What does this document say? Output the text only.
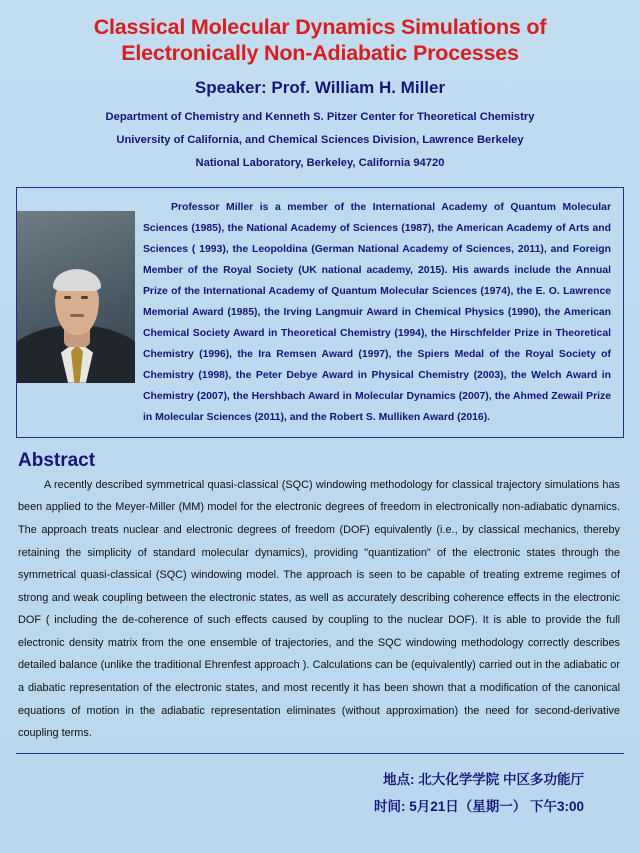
Classical Molecular Dynamics Simulations of
Electronically Non-Adiabatic Processes
Speaker: Prof. William H. Miller
Department of Chemistry and Kenneth S. Pitzer Center for Theoretical Chemistry
University of California, and Chemical Sciences Division, Lawrence Berkeley
National Laboratory, Berkeley, California 94720
Professor Miller is a member of the International Academy of Quantum Molecular Sciences (1985), the National Academy of Sciences (1987), the American Academy of Arts and Sciences ( 1993), the Leopoldina (German National Academy of Sciences, 2011), and Foreign Member of the Royal Society (UK national academy, 2015). His awards include the Annual Prize of the International Academy of Quantum Molecular Sciences (1974), the E. O. Lawrence Memorial Award (1985), the Irving Langmuir Award in Chemical Physics (1990), the American Chemical Society Award in Theoretical Chemistry (1994), the Hirschfelder Prize in Theoretical Chemistry (1996), the Ira Remsen Award (1997), the Spiers Medal of the Royal Society of Chemistry (1998), the Peter Debye Award in Physical Chemistry (2003), the Welch Award in Chemistry (2007), the Hershbach Award in Molecular Dynamics (2007), the Ahmed Zewail Prize in Molecular Sciences (2011), and the Robert S. Mulliken Award (2016).
Abstract
A recently described symmetrical quasi-classical (SQC) windowing methodology for classical trajectory simulations has been applied to the Meyer-Miller (MM) model for the electronic degrees of freedom in electronically non-adiabatic dynamics. The approach treats nuclear and electronic degrees of freedom (DOF) equivalently (i.e., by classical mechanics, thereby retaining the simplicity of standard molecular dynamics), providing "quantization" of the electronic states through the symmetrical quasi-classical (SQC) windowing model. The approach is seen to be capable of treating extreme regimes of strong and weak coupling between the electronic states, as well as accurately describing coherence effects in the electronic DOF ( including the de-coherence of such effects caused by coupling to the nuclear DOF). It is able to provide the full electronic density matrix from the one ensemble of trajectories, and the SQC windowing methodology correctly describes detailed balance (unlike the traditional Ehrenfest approach ). Calculations can be (equivalently) carried out in the adiabatic or a diabatic representation of the electronic states, and most recently it has been shown that a modification of the canonical equations of motion in the adiabatic representation eliminates (without approximation) the need for second-derivative coupling terms.
地点: 北大化学学院 中区多功能厅
时间: 5月21日（星期一） 下午3:00
